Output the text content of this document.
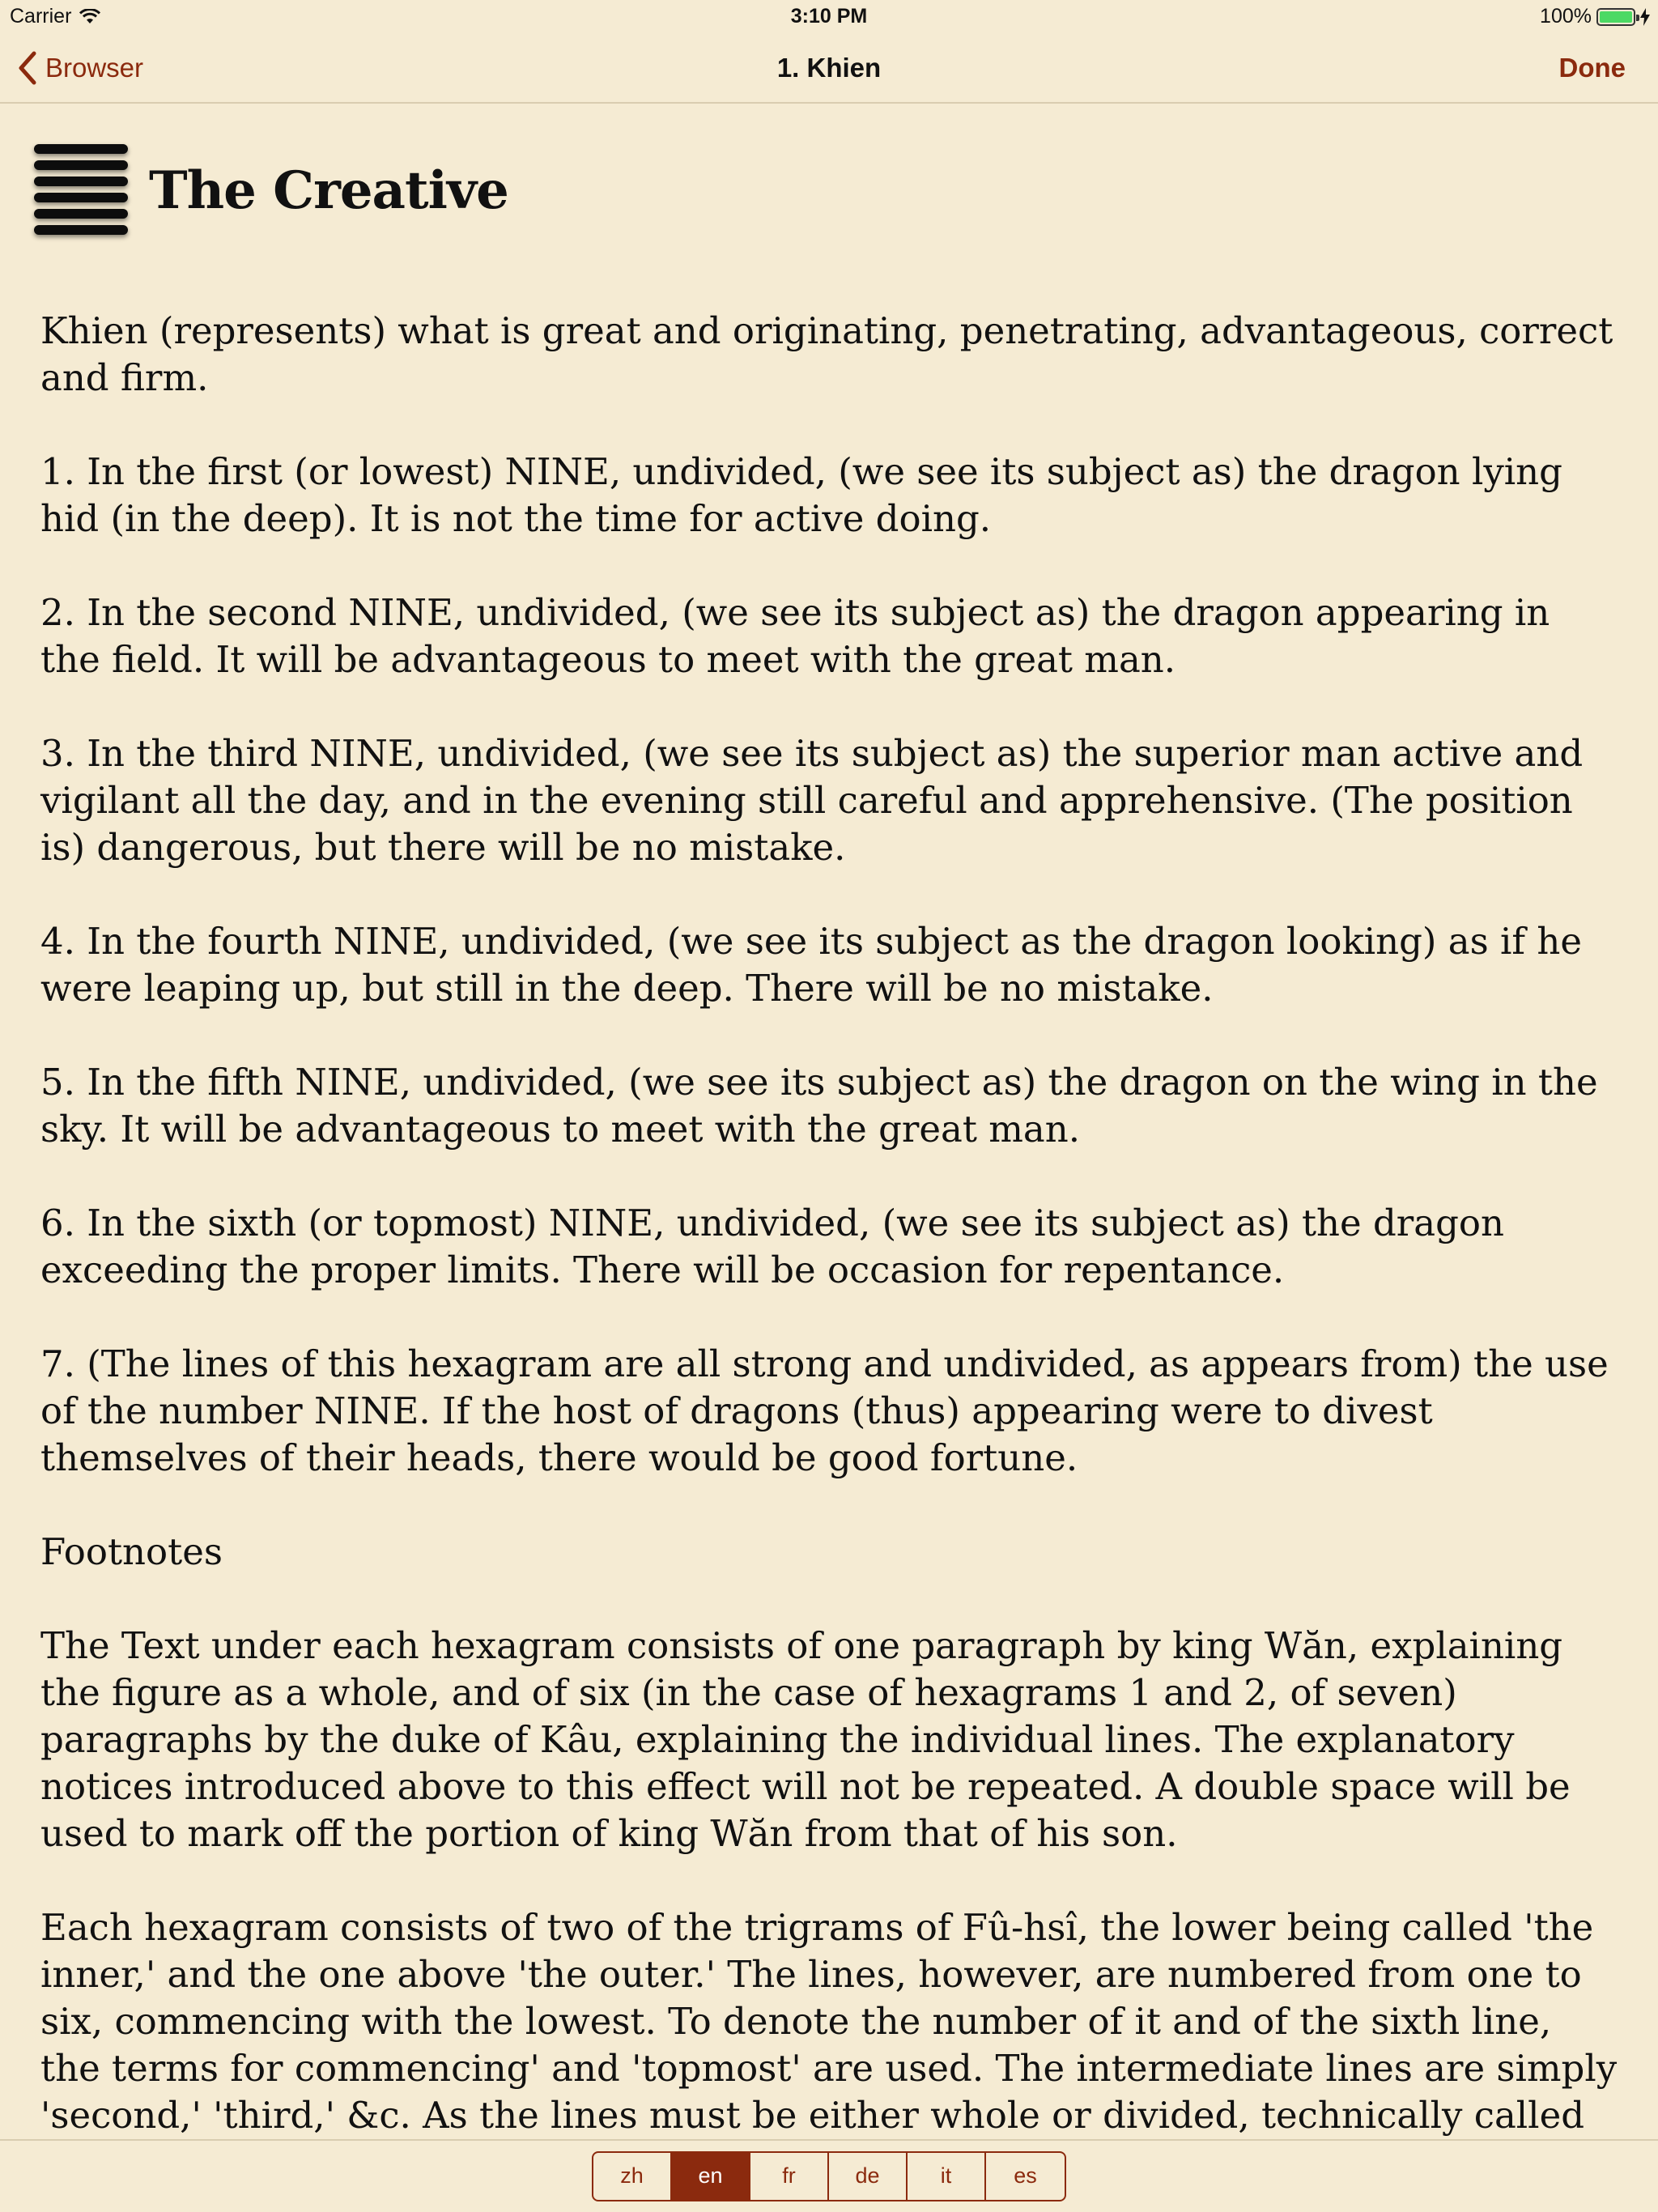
Carrier	3:10 PM	100%
Browser	1. Khien	Done
The Creative

Khien (represents) what is great and originating, penetrating, advantageous, correct and firm.

1. In the first (or lowest) NINE, undivided, (we see its subject as) the dragon lying hid (in the deep). It is not the time for active doing.

2. In the second NINE, undivided, (we see its subject as) the dragon appearing in the field. It will be advantageous to meet with the great man.

3. In the third NINE, undivided, (we see its subject as) the superior man active and vigilant all the day, and in the evening still careful and apprehensive. (The position is) dangerous, but there will be no mistake.

4. In the fourth NINE, undivided, (we see its subject as the dragon looking) as if he were leaping up, but still in the deep. There will be no mistake.

5. In the fifth NINE, undivided, (we see its subject as) the dragon on the wing in the sky. It will be advantageous to meet with the great man.

6. In the sixth (or topmost) NINE, undivided, (we see its subject as) the dragon exceeding the proper limits. There will be occasion for repentance.

7. (The lines of this hexagram are all strong and undivided, as appears from) the use of the number NINE. If the host of dragons (thus) appearing were to divest themselves of their heads, there would be good fortune.

Footnotes

The Text under each hexagram consists of one paragraph by king Wăn, explaining the figure as a whole, and of six (in the case of hexagrams 1 and 2, of seven) paragraphs by the duke of Kâu, explaining the individual lines. The explanatory notices introduced above to this effect will not be repeated. A double space will be used to mark off the portion of king Wăn from that of his son.

Each hexagram consists of two of the trigrams of Fû-hsî, the lower being called 'the inner,' and the one above 'the outer.' The lines, however, are numbered from one to six, commencing with the lowest. To denote the number of it and of the sixth line, the terms for commencing' and 'topmost' are used. The intermediate lines are simply 'second,' 'third,' &c. As the lines must be either whole or divided, technically called

zh	en	fr	de	it	es
